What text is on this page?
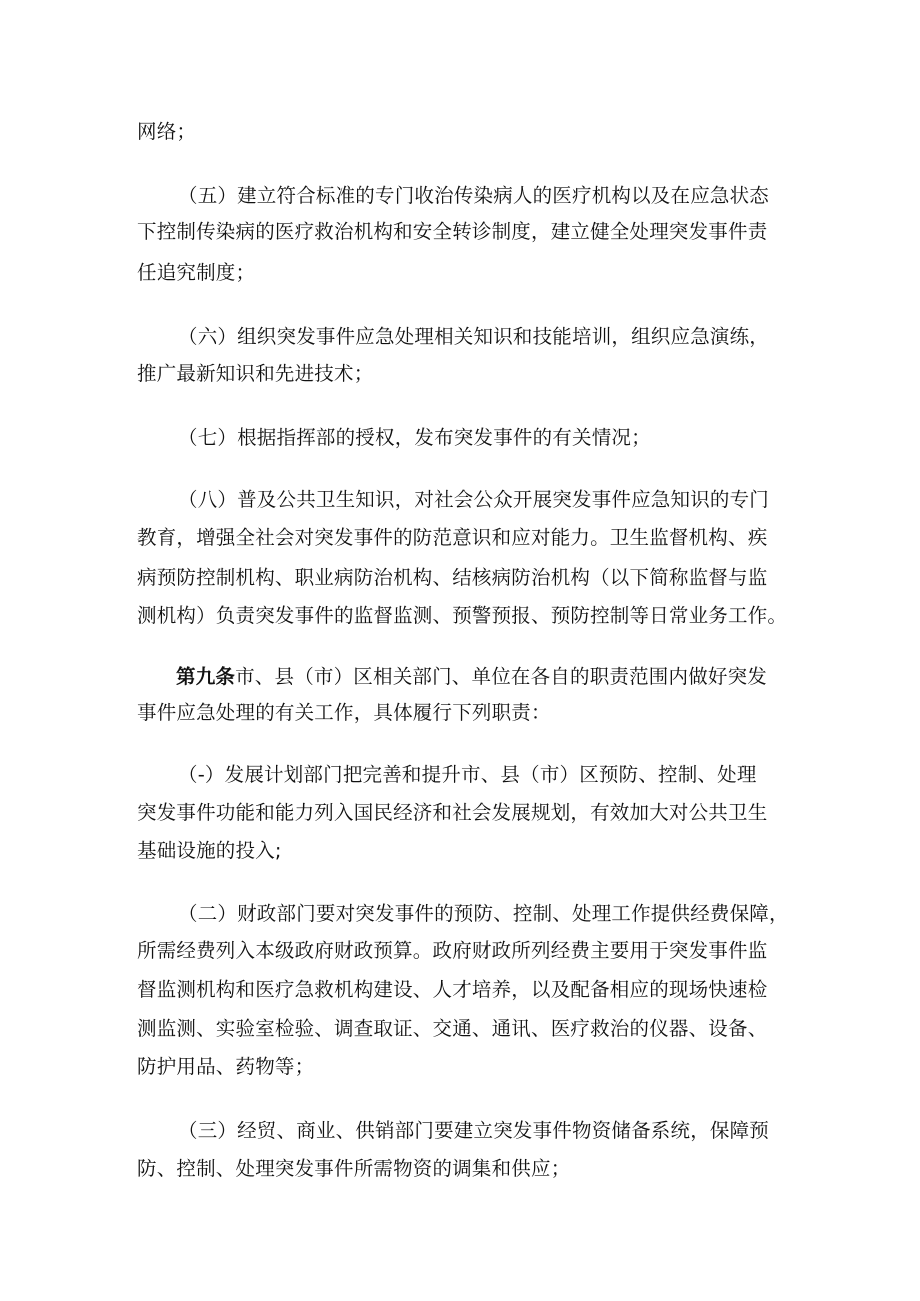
网络；
（五）建立符合标准的专门收治传染病人的医疗机构以及在应急状态
下控制传染病的医疗救治机构和安全转诊制度，建立健全处理突发事件责
任追究制度；
（六）组织突发事件应急处理相关知识和技能培训，组织应急演练，
推广最新知识和先进技术；
（七）根据指挥部的授权，发布突发事件的有关情况；
（八）普及公共卫生知识，对社会公众开展突发事件应急知识的专门
教育，增强全社会对突发事件的防范意识和应对能力。卫生监督机构、疾
病预防控制机构、职业病防治机构、结核病防治机构（以下简称监督与监
测机构）负责突发事件的监督监测、预警预报、预防控制等日常业务工作。
第九条市、县（市）区相关部门、单位在各自的职责范围内做好突发
事件应急处理的有关工作，具体履行下列职责：
（-）发展计划部门把完善和提升市、县（市）区预防、控制、处理
突发事件功能和能力列入国民经济和社会发展规划，有效加大对公共卫生
基础设施的投入;
（二）财政部门要对突发事件的预防、控制、处理工作提供经费保障，
所需经费列入本级政府财政预算。政府财政所列经费主要用于突发事件监
督监测机构和医疗急救机构建设、人才培养，以及配备相应的现场快速检
测监测、实验室检验、调查取证、交通、通讯、医疗救治的仪器、设备、
防护用品、药物等；
（三）经贸、商业、供销部门要建立突发事件物资储备系统，保障预
防、控制、处理突发事件所需物资的调集和供应；
